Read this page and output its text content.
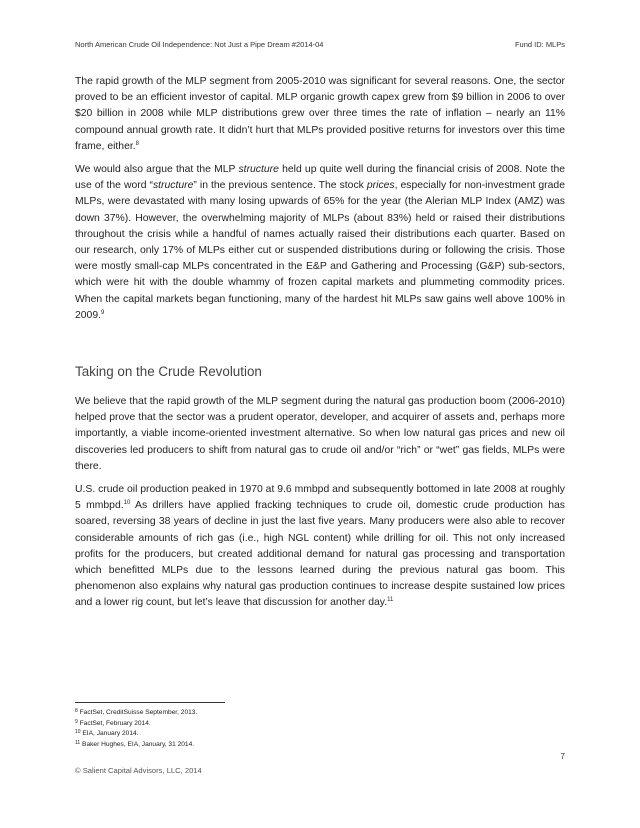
North American Crude Oil Independence: Not Just a Pipe Dream #2014-04	Fund ID: MLPs

The rapid growth of the MLP segment from 2005-2010 was significant for several reasons. One, the sector proved to be an efficient investor of capital. MLP organic growth capex grew from $9 billion in 2006 to over $20 billion in 2008 while MLP distributions grew over three times the rate of inflation – nearly an 11% compound annual growth rate. It didn’t hurt that MLPs provided positive returns for investors over this time frame, either.$^8$

We would also argue that the MLP structure held up quite well during the financial crisis of 2008. Note the use of the word “structure” in the previous sentence. The stock prices, especially for non-investment grade MLPs, were devastated with many losing upwards of 65% for the year (the Alerian MLP Index (AMZ) was down 37%). However, the overwhelming majority of MLPs (about 83%) held or raised their distributions throughout the crisis while a handful of names actually raised their distributions each quarter. Based on our research, only 17% of MLPs either cut or suspended distributions during or following the crisis. Those were mostly small-cap MLPs concentrated in the E&P and Gathering and Processing (G&P) sub-sectors, which were hit with the double whammy of frozen capital markets and plummeting commodity prices. When the capital markets began functioning, many of the hardest hit MLPs saw gains well above 100% in 2009.$^9$

Taking on the Crude Revolution

We believe that the rapid growth of the MLP segment during the natural gas production boom (2006-2010) helped prove that the sector was a prudent operator, developer, and acquirer of assets and, perhaps more importantly, a viable income-oriented investment alternative. So when low natural gas prices and new oil discoveries led producers to shift from natural gas to crude oil and/or “rich” or “wet” gas fields, MLPs were there.

U.S. crude oil production peaked in 1970 at 9.6 mmbpd and subsequently bottomed in late 2008 at roughly 5 mmbpd.$^{10}$ As drillers have applied fracking techniques to crude oil, domestic crude production has soared, reversing 38 years of decline in just the last five years. Many producers were also able to recover considerable amounts of rich gas (i.e., high NGL content) while drilling for oil. This not only increased profits for the producers, but created additional demand for natural gas processing and transportation which benefitted MLPs due to the lessons learned during the previous natural gas boom. This phenomenon also explains why natural gas production continues to increase despite sustained low prices and a lower rig count, but let’s leave that discussion for another day.$^{11}$

$^8$ FactSet, CreditSuisse September, 2013.
$^9$ FactSet, February 2014.
$^{10}$ EIA, January 2014.
$^{11}$ Baker Hughes, EIA, January, 31 2014.
7
© Salient Capital Advisors, LLC, 2014
